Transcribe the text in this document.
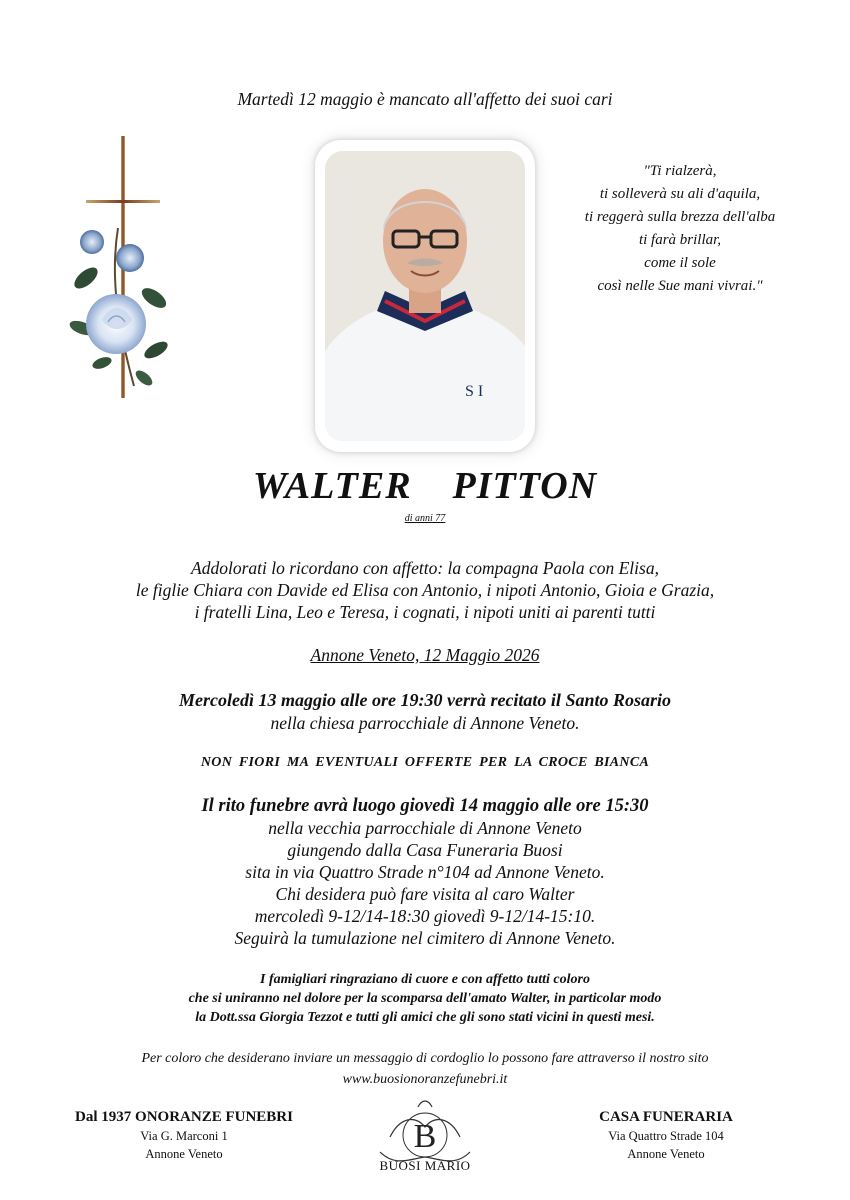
Martedì 12 maggio è mancato all'affetto dei suoi cari
S I
"Ti rialzerà,
ti solleverà su ali d'aquila,
ti reggerà sulla brezza dell'alba
ti farà brillar,
come il sole
così nelle Sue mani vivrai."
WALTER  PITTON
di anni 77
Addolorati lo ricordano con affetto: la compagna Paola con Elisa,
le figlie Chiara con Davide ed Elisa con Antonio, i nipoti Antonio, Gioia e Grazia,
i fratelli Lina, Leo e Teresa, i cognati, i nipoti uniti ai parenti tutti
Annone Veneto, 12 Maggio 2026
Mercoledì 13 maggio alle ore 19:30 verrà recitato il Santo Rosario
nella chiesa parrocchiale di Annone Veneto.
NON FIORI MA EVENTUALI OFFERTE PER LA CROCE BIANCA
Il rito funebre avrà luogo giovedì 14 maggio alle ore 15:30
nella vecchia parrocchiale di Annone Veneto
giungendo dalla Casa Funeraria Buosi
sita in via Quattro Strade n°104 ad Annone Veneto.
Chi desidera può fare visita al caro Walter
mercoledì 9-12/14-18:30 giovedì 9-12/14-15:10.
Seguirà la tumulazione nel cimitero di Annone Veneto.
I famigliari ringraziano di cuore e con affetto tutti coloro
che si uniranno nel dolore per la scomparsa dell'amato Walter, in particolar modo
la Dott.ssa Giorgia Tezzot e tutti gli amici che gli sono stati vicini in questi mesi.
Per coloro che desiderano inviare un messaggio di cordoglio lo possono fare attraverso il nostro sito
www.buosionoranzefunebri.it
Dal 1937 ONORANZE FUNEBRI
Via G. Marconi 1
Annone Veneto	B
BUOSI MARIO
CASA FUNERARIA
Via Quattro Strade 104
Annone Veneto
